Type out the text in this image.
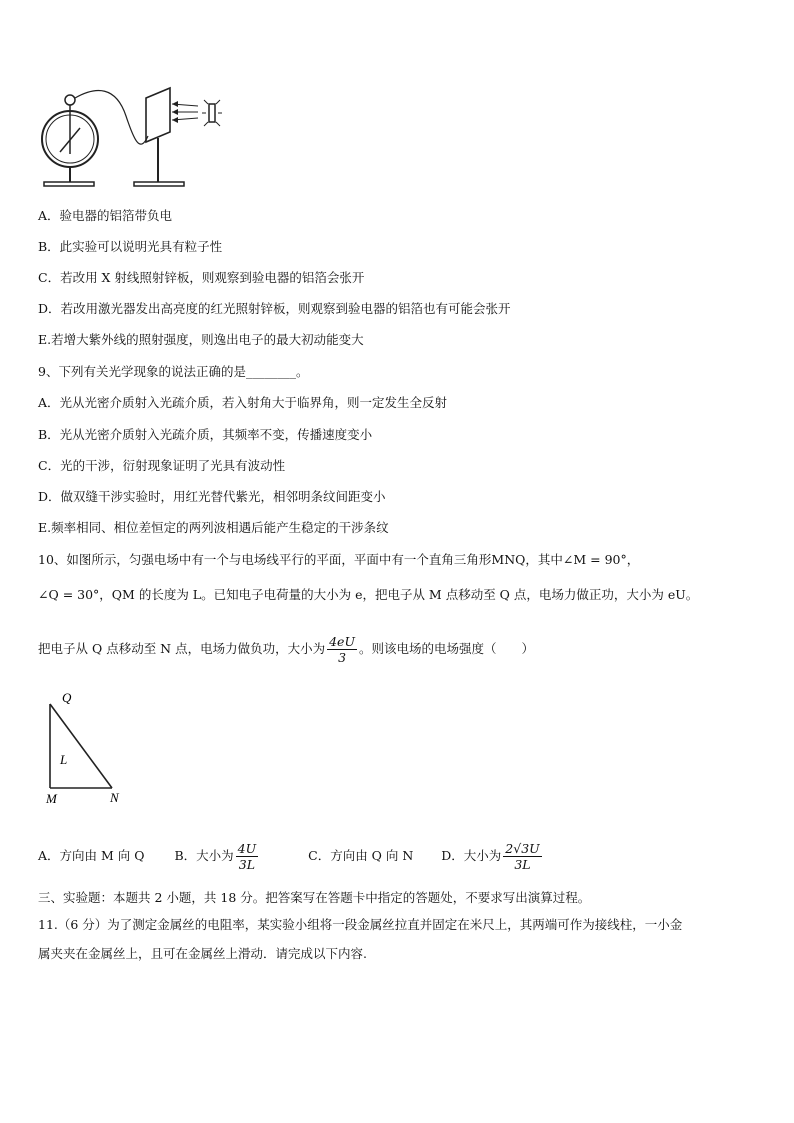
A．验电器的铝箔带负电
B．此实验可以说明光具有粒子性
C．若改用 X 射线照射锌板，则观察到验电器的铝箔会张开
D．若改用激光器发出高亮度的红光照射锌板，则观察到验电器的铝箔也有可能会张开
E.若增大紫外线的照射强度，则逸出电子的最大初动能变大
9、下列有关光学现象的说法正确的是________。
A．光从光密介质射入光疏介质，若入射角大于临界角，则一定发生全反射
B．光从光密介质射入光疏介质，其频率不变，传播速度变小
C．光的干涉，衍射现象证明了光具有波动性
D．做双缝干涉实验时，用红光替代紫光，相邻明条纹间距变小
E.频率相同、相位差恒定的两列波相遇后能产生稳定的干涉条纹
10、如图所示，匀强电场中有一个与电场线平行的平面，平面中有一个直角三角形MNQ，其中∠M = 90°，
∠Q = 30°，QM 的长度为 L。已知电子电荷量的大小为 e，把电子从 M 点移动至 Q 点，电场力做正功，大小为 eU。
把电子从 Q 点移动至 N 点，电场力做负功，大小为 $\frac{4eU}{3}$ 。则该电场的电场强度（　　）
Q
L
M	N
A．方向由 M 向 Q B．大小为 $\frac{4U}{3L}$	C．方向由 Q 向 N D．大小为 $\frac{2√3U}{3L}$
三、实验题：本题共 2 小题，共 18 分。把答案写在答题卡中指定的答题处，不要求写出演算过程。
11.（6 分）为了测定金属丝的电阻率，某实验小组将一段金属丝拉直并固定在米尺上，其两端可作为接线柱，一小金
属夹夹在金属丝上，且可在金属丝上滑动．请完成以下内容.
